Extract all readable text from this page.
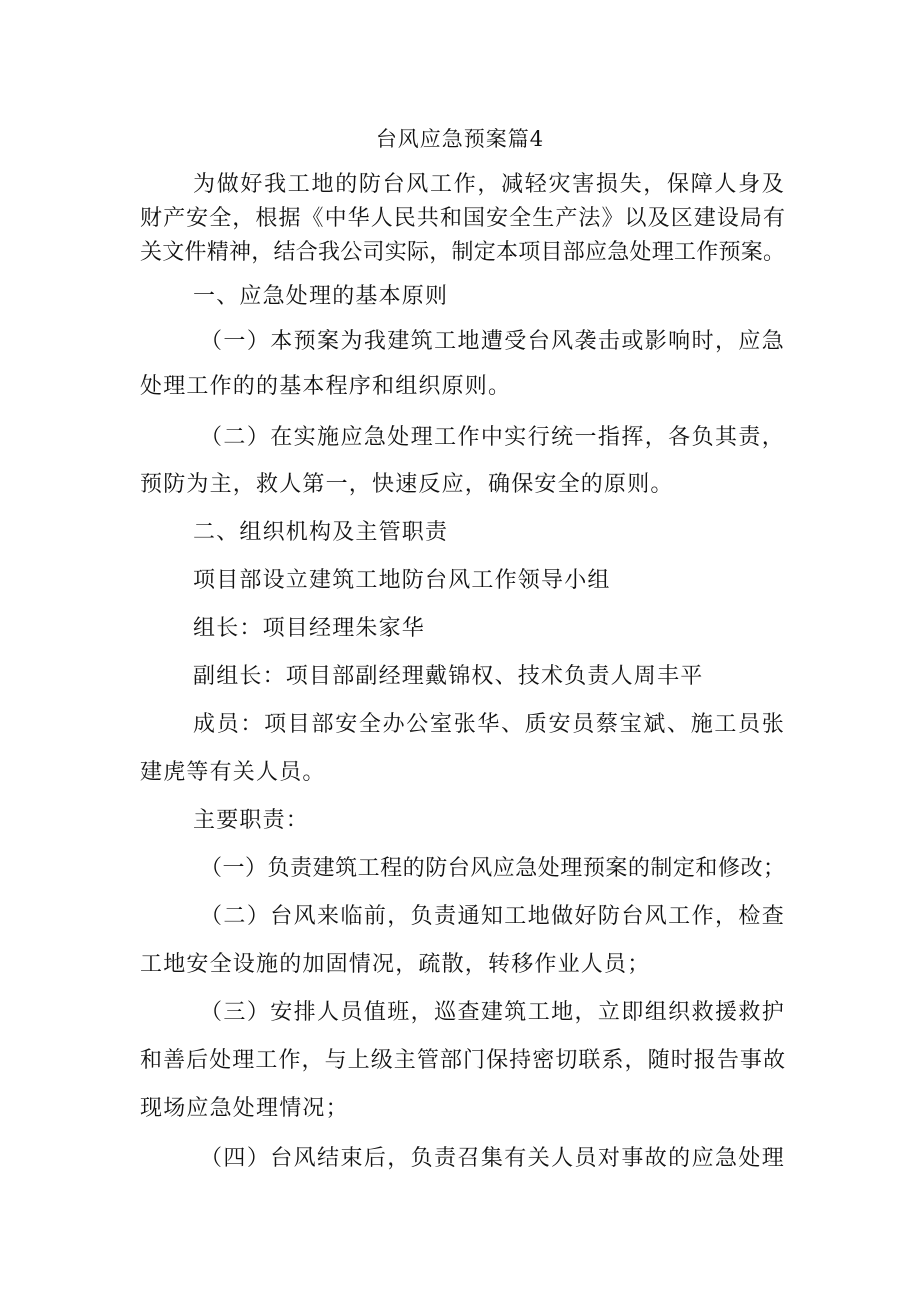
台风应急预案篇4
为做好我工地的防台风工作，减轻灾害损失，保障人身及
财产安全，根据《中华人民共和国安全生产法》以及区建设局有
关文件精神，结合我公司实际，制定本项目部应急处理工作预案。
一、应急处理的基本原则
（一）本预案为我建筑工地遭受台风袭击或影响时，应急
处理工作的的基本程序和组织原则。
（二）在实施应急处理工作中实行统一指挥，各负其责，
预防为主，救人第一，快速反应，确保安全的原则。
二、组织机构及主管职责
项目部设立建筑工地防台风工作领导小组
组长：项目经理朱家华
副组长：项目部副经理戴锦权、技术负责人周丰平
成员：项目部安全办公室张华、质安员蔡宝斌、施工员张
建虎等有关人员。
主要职责：
（一）负责建筑工程的防台风应急处理预案的制定和修改；
（二）台风来临前，负责通知工地做好防台风工作，检查
工地安全设施的加固情况，疏散，转移作业人员；
（三）安排人员值班，巡查建筑工地，立即组织救援救护
和善后处理工作，与上级主管部门保持密切联系，随时报告事故
现场应急处理情况；
（四）台风结束后，负责召集有关人员对事故的应急处理
